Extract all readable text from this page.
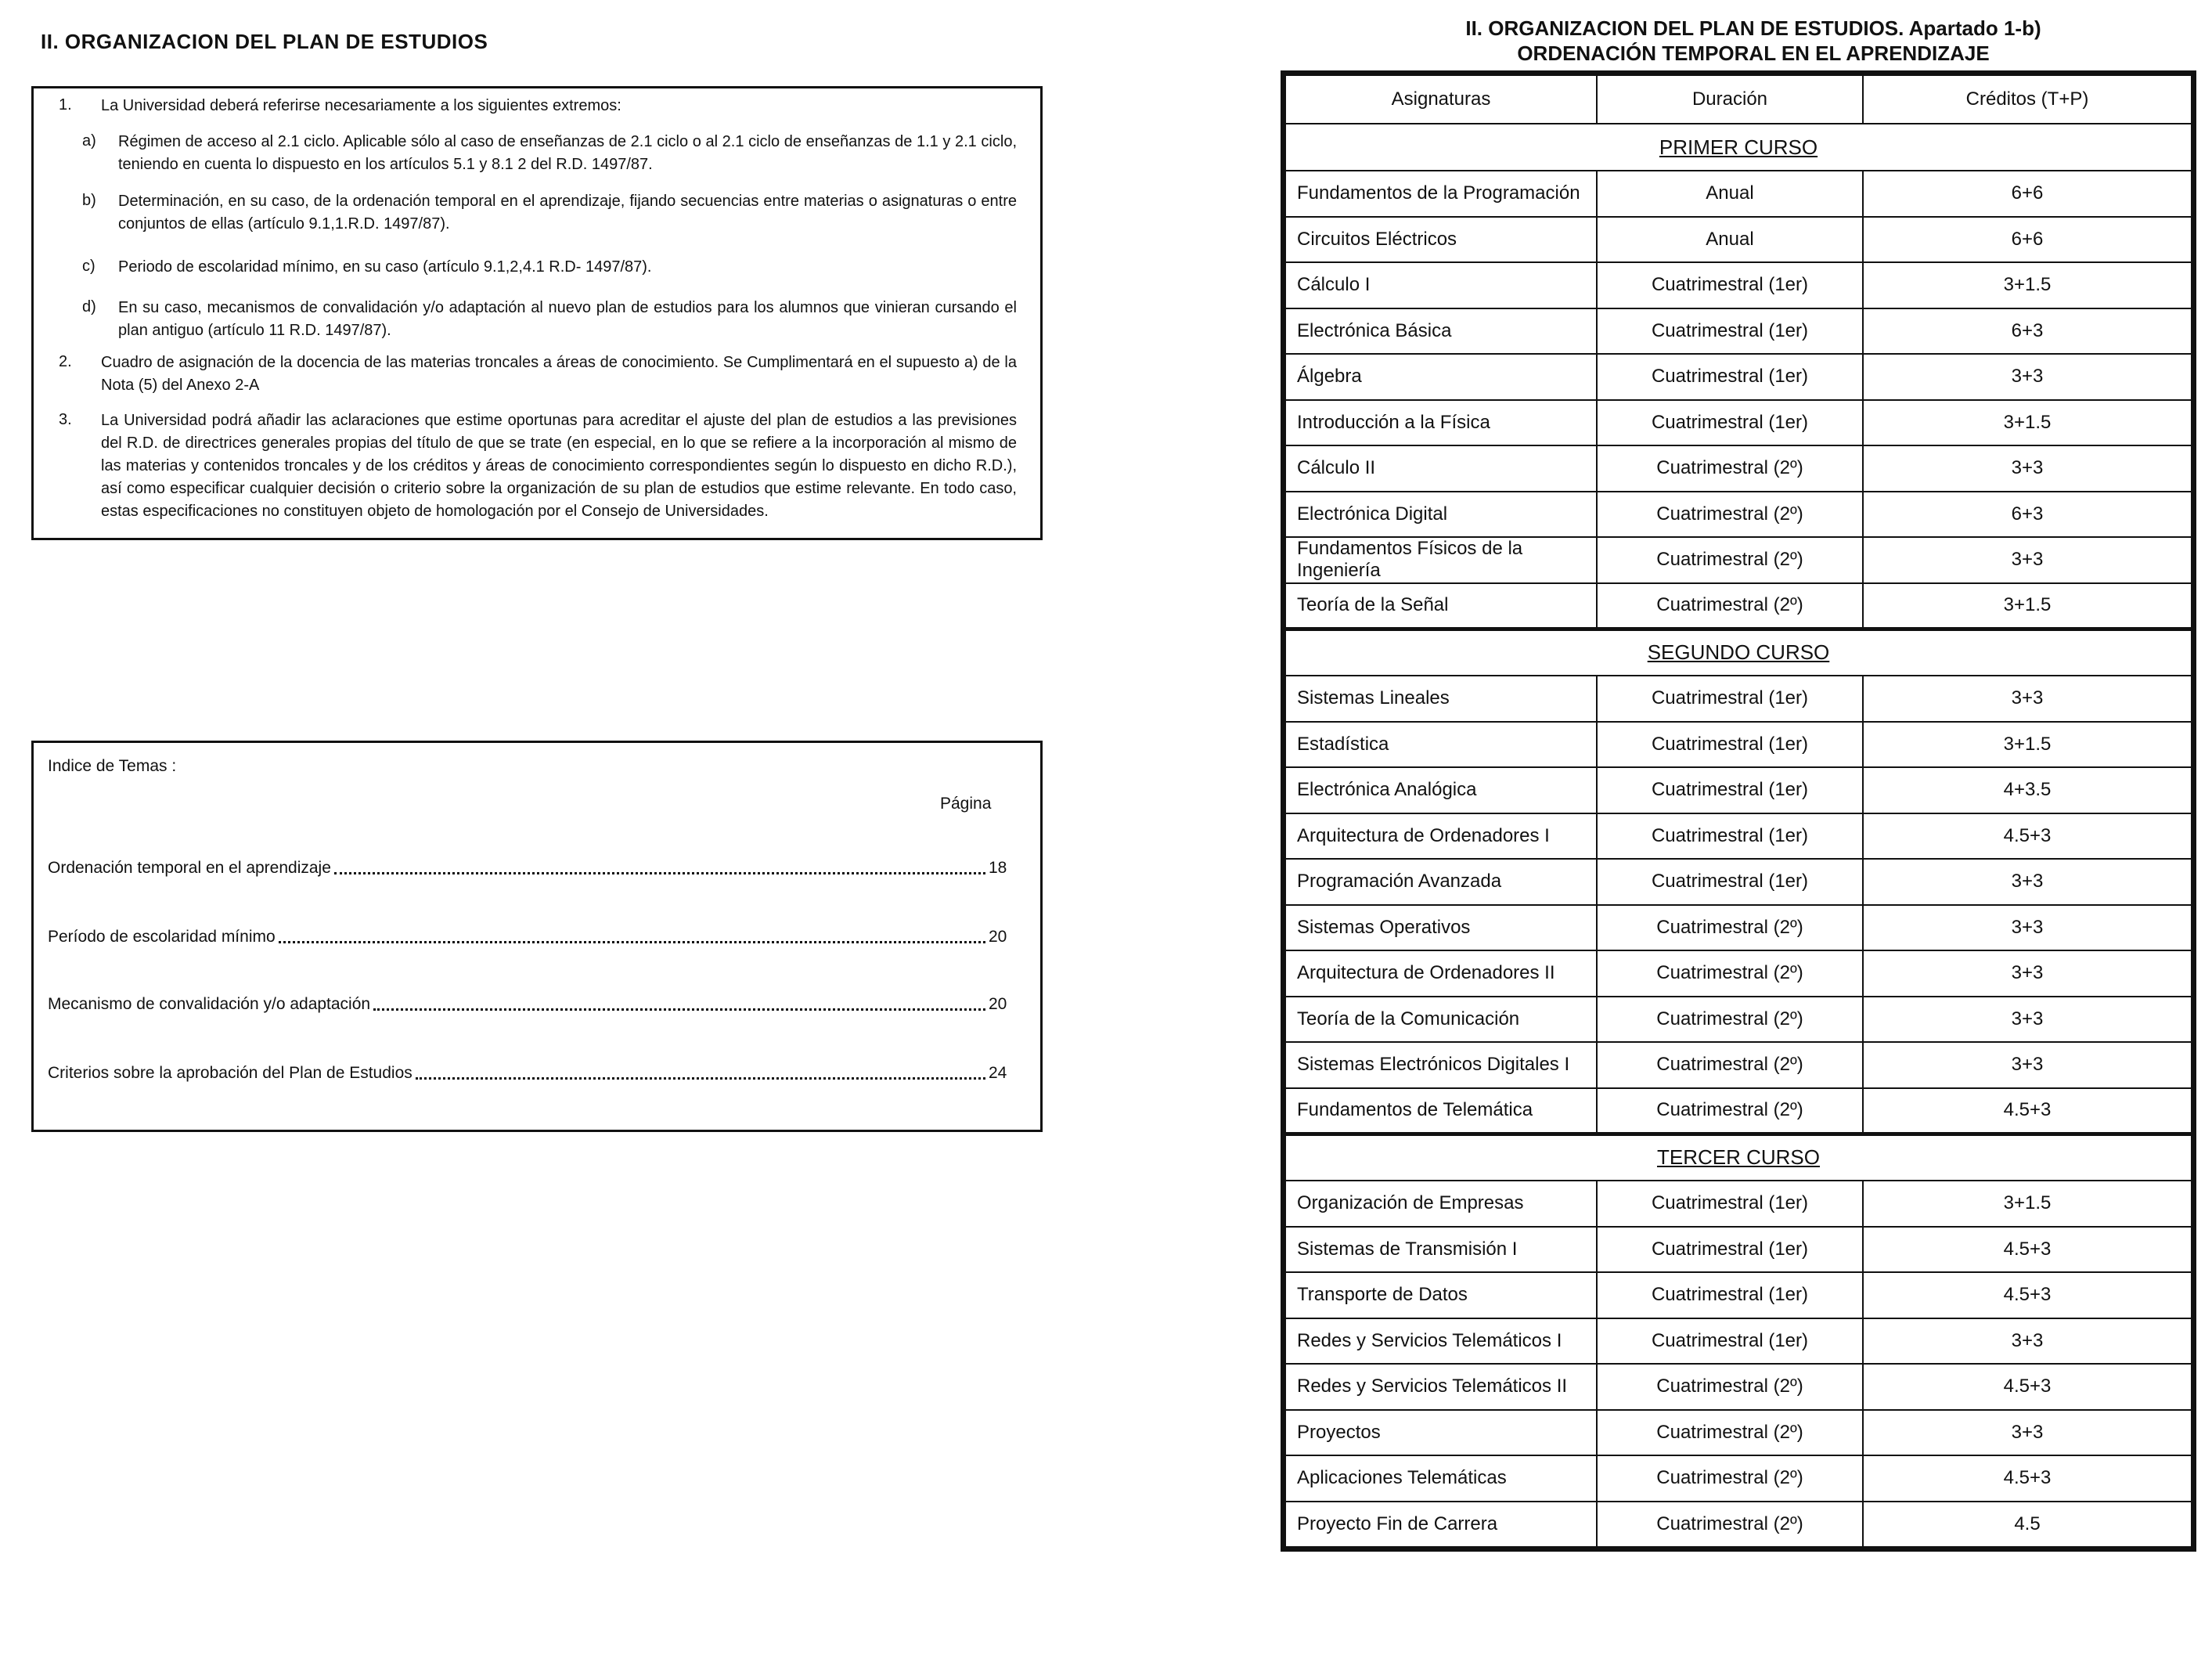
II. ORGANIZACION DEL PLAN DE ESTUDIOS
1. La Universidad deberá referirse necesariamente a los siguientes extremos:
a) Régimen de acceso al 2.1 ciclo. Aplicable sólo al caso de enseñanzas de 2.1 ciclo o al 2.1 ciclo de enseñanzas de 1.1 y 2.1 ciclo, teniendo en cuenta lo dispuesto en los artículos 5.1 y 8.1 2 del R.D. 1497/87.
b) Determinación, en su caso, de la ordenación temporal en el aprendizaje, fijando secuencias entre materias o asignaturas o entre conjuntos de ellas (artículo 9.1,1.R.D. 1497/87).
c) Periodo de escolaridad mínimo, en su caso (artículo 9.1,2,4.1 R.D- 1497/87).
d) En su caso, mecanismos de convalidación y/o adaptación al nuevo plan de estudios para los alumnos que vinieran cursando el plan antiguo (artículo 11 R.D. 1497/87).
2. Cuadro de asignación de la docencia de las materias troncales a áreas de conocimiento. Se Cumplimentará en el supuesto a) de la Nota (5) del Anexo 2-A
3. La Universidad podrá añadir las aclaraciones que estime oportunas para acreditar el ajuste del plan de estudios a las previsiones del R.D. de directrices generales propias del título de que se trate (en especial, en lo que se refiere a la incorporación al mismo de las materias y contenidos troncales y de los créditos y áreas de conocimiento correspondientes según lo dispuesto en dicho R.D.), así como especificar cualquier decisión o criterio sobre la organización de su plan de estudios que estime relevante. En todo caso, estas especificaciones no constituyen objeto de homologación por el Consejo de Universidades.
Indice de Temas :
Página
Ordenación temporal en el aprendizaje	18
Período de escolaridad mínimo	20
Mecanismo de convalidación y/o adaptación	20
Criterios sobre la aprobación del Plan de Estudios	24
II. ORGANIZACION DEL PLAN DE ESTUDIOS. Apartado 1-b)
ORDENACIÓN TEMPORAL EN EL APRENDIZAJE
Asignaturas	Duración	Créditos (T+P)
PRIMER CURSO		
Fundamentos de la Programación	Anual	6+6
Circuitos Eléctricos	Anual	6+6
Cálculo I	Cuatrimestral (1er)	3+1.5
Electrónica Básica	Cuatrimestral (1er)	6+3
Álgebra	Cuatrimestral (1er)	3+3
Introducción a la Física	Cuatrimestral (1er)	3+1.5
Cálculo II	Cuatrimestral (2º)	3+3
Electrónica Digital	Cuatrimestral (2º)	6+3
Fundamentos Físicos de la Ingeniería	Cuatrimestral (2º)	3+3
Teoría de la Señal	Cuatrimestral (2º)	3+1.5
SEGUNDO CURSO		
Sistemas Lineales	Cuatrimestral (1er)	3+3
Estadística	Cuatrimestral (1er)	3+1.5
Electrónica Analógica	Cuatrimestral (1er)	4+3.5
Arquitectura de Ordenadores I	Cuatrimestral (1er)	4.5+3
Programación Avanzada	Cuatrimestral (1er)	3+3
Sistemas Operativos	Cuatrimestral (2º)	3+3
Arquitectura de Ordenadores II	Cuatrimestral (2º)	3+3
Teoría de la Comunicación	Cuatrimestral (2º)	3+3
Sistemas Electrónicos Digitales I	Cuatrimestral (2º)	3+3
Fundamentos de Telemática	Cuatrimestral (2º)	4.5+3
TERCER CURSO		
Organización de Empresas	Cuatrimestral (1er)	3+1.5
Sistemas de Transmisión I	Cuatrimestral (1er)	4.5+3
Transporte de Datos	Cuatrimestral (1er)	4.5+3
Redes y Servicios Telemáticos I	Cuatrimestral (1er)	3+3
Redes y Servicios Telemáticos II	Cuatrimestral (2º)	4.5+3
Proyectos	Cuatrimestral (2º)	3+3
Aplicaciones Telemáticas	Cuatrimestral (2º)	4.5+3
Proyecto Fin de Carrera	Cuatrimestral (2º)	4.5
